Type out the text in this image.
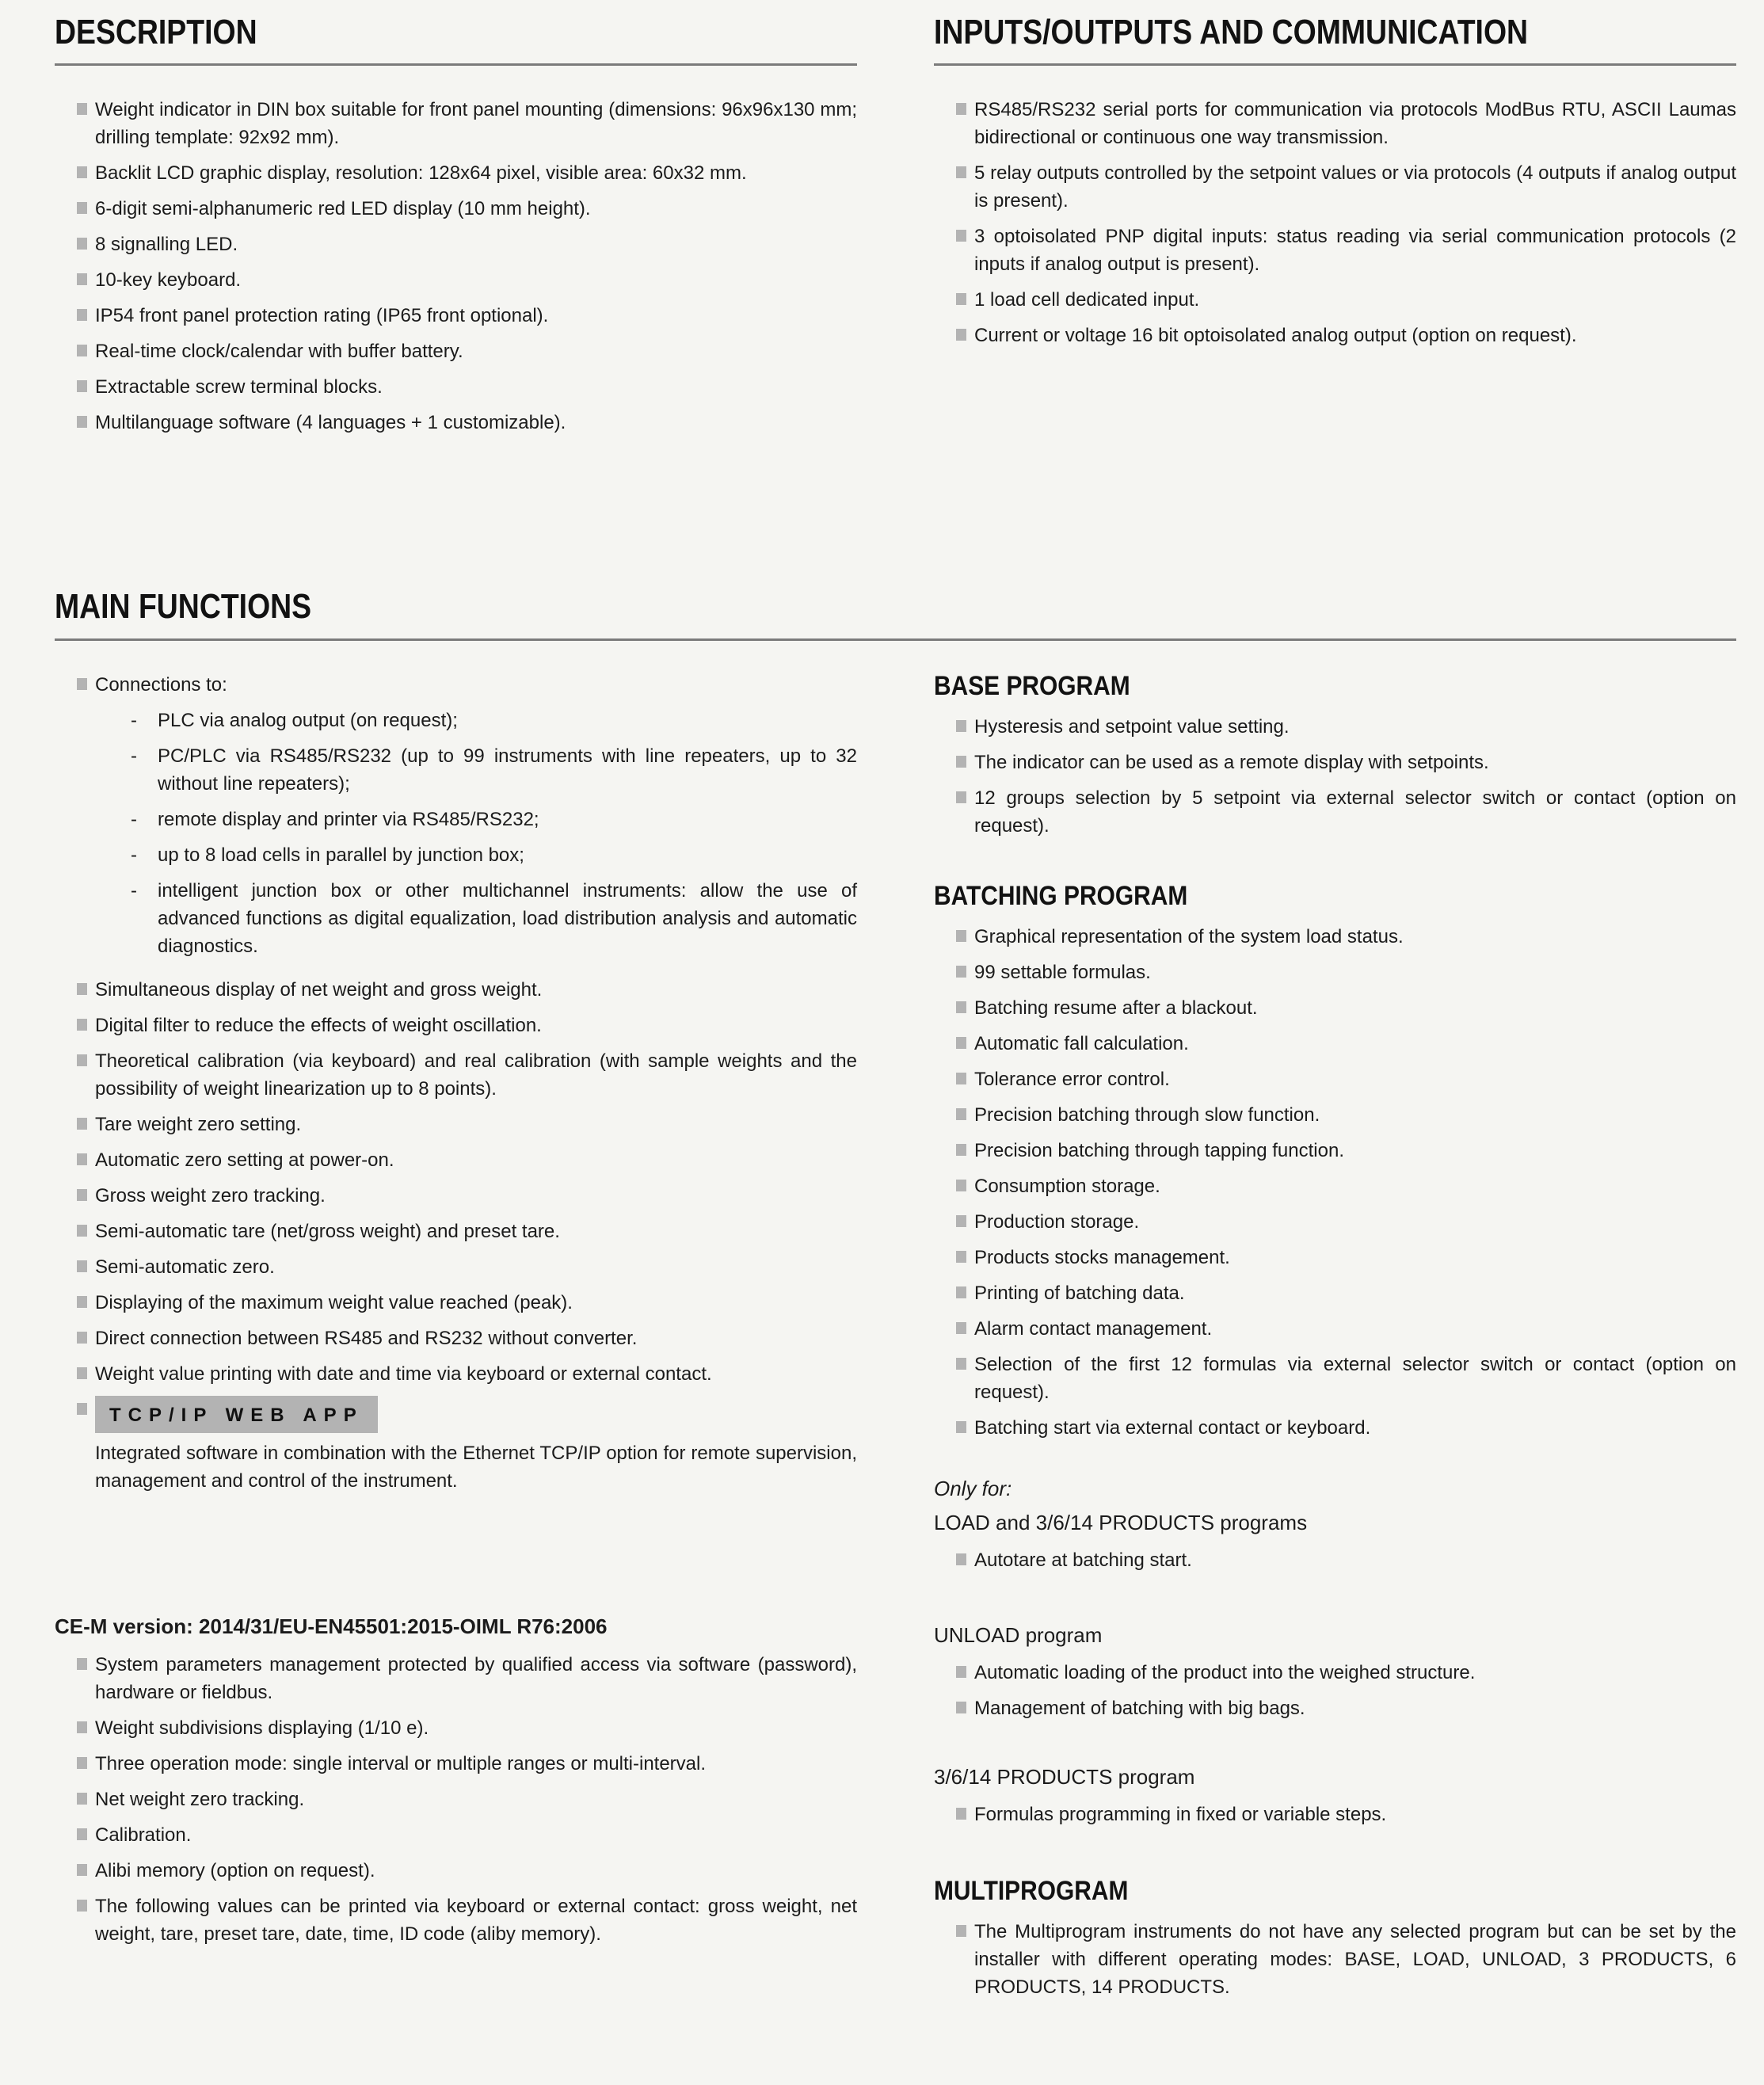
DESCRIPTION
Weight indicator in DIN box suitable for front panel mounting (dimensions: 96x96x130 mm; drilling template: 92x92 mm).
Backlit LCD graphic display, resolution: 128x64 pixel, visible area: 60x32 mm.
6-digit semi-alphanumeric red LED display (10 mm height).
8 signalling LED.
10-key keyboard.
IP54 front panel protection rating (IP65 front optional).
Real-time clock/calendar with buffer battery.
Extractable screw terminal blocks.
Multilanguage software (4 languages + 1 customizable).
INPUTS/OUTPUTS AND COMMUNICATION
RS485/RS232 serial ports for communication via protocols ModBus RTU, ASCII Laumas bidirectional or continuous one way transmission.
5 relay outputs controlled by the setpoint values or via protocols (4 outputs if analog output is present).
3 optoisolated PNP digital inputs: status reading via serial communication protocols (2 inputs if analog output is present).
1 load cell dedicated input.
Current or voltage 16 bit optoisolated analog output (option on request).
MAIN FUNCTIONS
Connections to:
- PLC via analog output (on request);
- PC/PLC via RS485/RS232 (up to 99 instruments with line repeaters, up to 32 without line repeaters);
- remote display and printer via RS485/RS232;
- up to 8 load cells in parallel by junction box;
- intelligent junction box or other multichannel instruments: allow the use of advanced functions as digital equalization, load distribution analysis and automatic diagnostics.
Simultaneous display of net weight and gross weight.
Digital filter to reduce the effects of weight oscillation.
Theoretical calibration (via keyboard) and real calibration (with sample weights and the possibility of weight linearization up to 8 points).
Tare weight zero setting.
Automatic zero setting at power-on.
Gross weight zero tracking.
Semi-automatic tare (net/gross weight) and preset tare.
Semi-automatic zero.
Displaying of the maximum weight value reached (peak).
Direct connection between RS485 and RS232 without converter.
Weight value printing with date and time via keyboard or external contact.
TCP/IP WEB APP
Integrated software in combination with the Ethernet TCP/IP option for remote supervision, management and control of the instrument.
CE-M version: 2014/31/EU-EN45501:2015-OIML R76:2006
System parameters management protected by qualified access via software (password), hardware or fieldbus.
Weight subdivisions displaying (1/10 e).
Three operation mode: single interval or multiple ranges or multi-interval.
Net weight zero tracking.
Calibration.
Alibi memory (option on request).
The following values can be printed via keyboard or external contact: gross weight, net weight, tare, preset tare, date, time, ID code (aliby memory).
BASE PROGRAM
Hysteresis and setpoint value setting.
The indicator can be used as a remote display with setpoints.
12 groups selection by 5 setpoint via external selector switch or contact (option on request).
BATCHING PROGRAM
Graphical representation of the system load status.
99 settable formulas.
Batching resume after a blackout.
Automatic fall calculation.
Tolerance error control.
Precision batching through slow function.
Precision batching through tapping function.
Consumption storage.
Production storage.
Products stocks management.
Printing of batching data.
Alarm contact management.
Selection of the first 12 formulas via external selector switch or contact (option on request).
Batching start via external contact or keyboard.
Only for:
LOAD and 3/6/14 PRODUCTS programs
Autotare at batching start.
UNLOAD program
Automatic loading of the product into the weighed structure.
Management of batching with big bags.
3/6/14 PRODUCTS program
Formulas programming in fixed or variable steps.
MULTIPROGRAM
The Multiprogram instruments do not have any selected program but can be set by the installer with different operating modes: BASE, LOAD, UNLOAD, 3 PRODUCTS, 6 PRODUCTS, 14 PRODUCTS.
